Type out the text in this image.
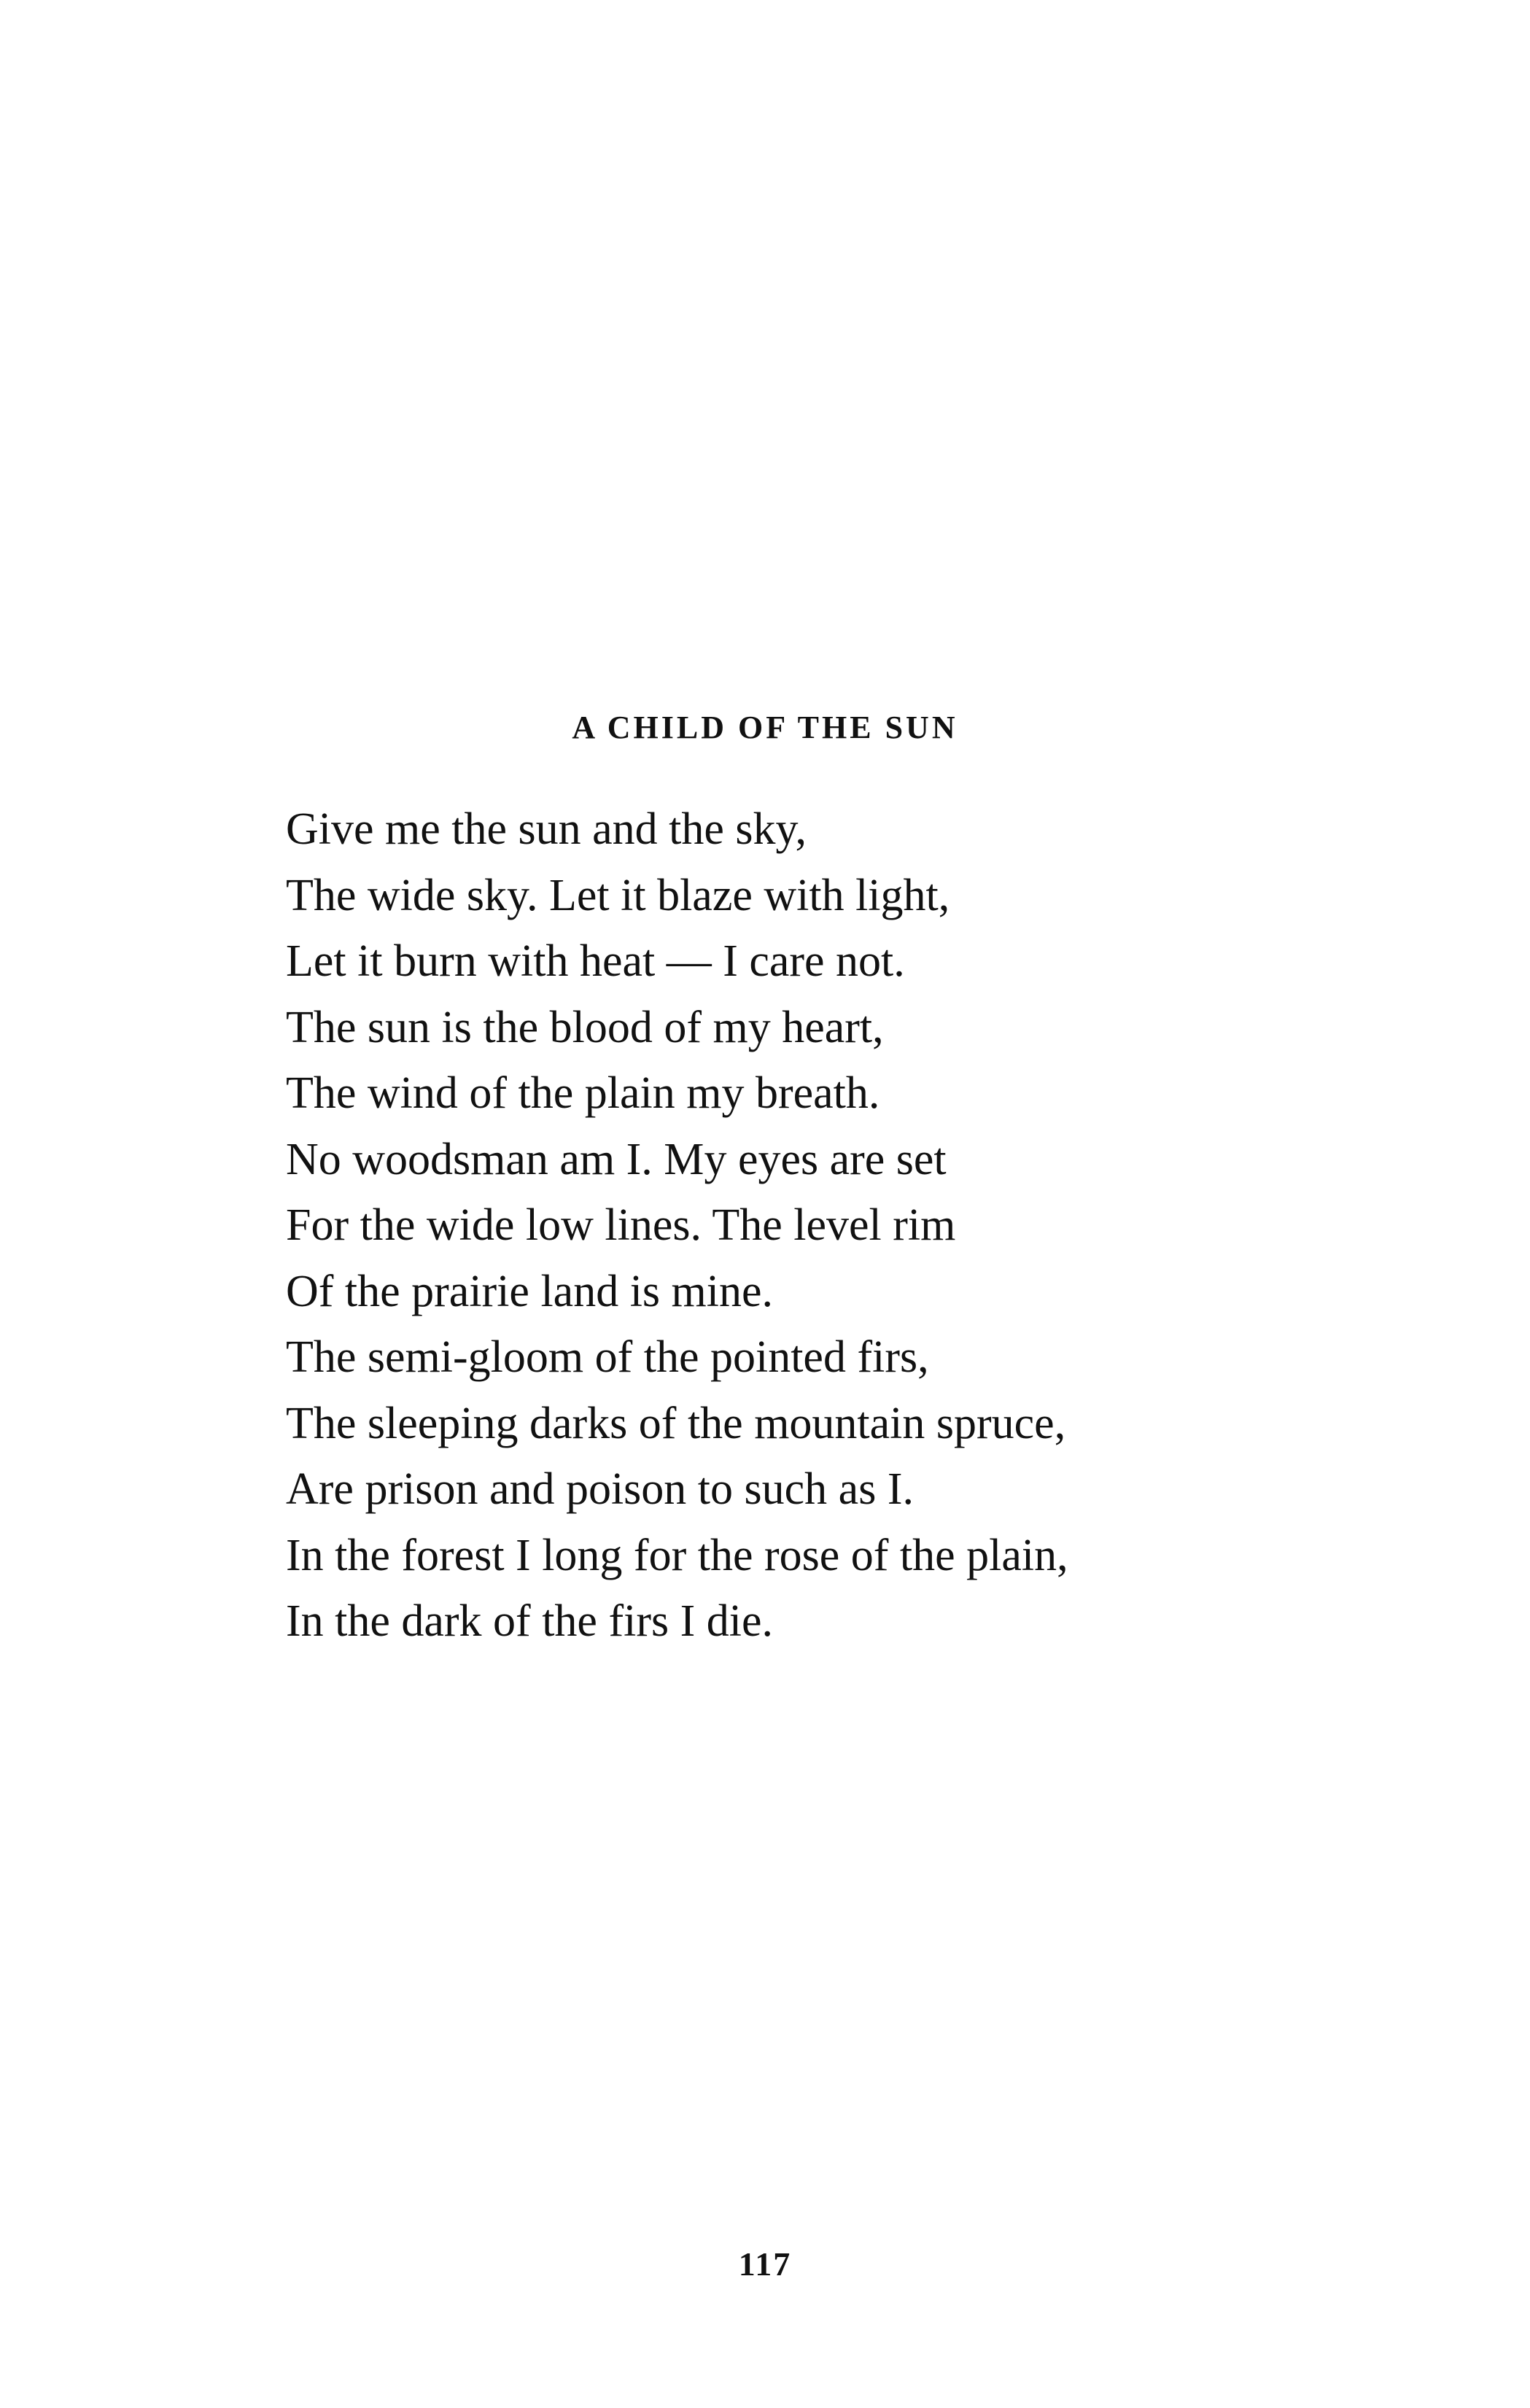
A CHILD OF THE SUN
Give me the sun and the sky,
The wide sky. Let it blaze with light,
Let it burn with heat — I care not.
The sun is the blood of my heart,
The wind of the plain my breath.
No woodsman am I. My eyes are set
For the wide low lines. The level rim
Of the prairie land is mine.
The semi-gloom of the pointed firs,
The sleeping darks of the mountain spruce,
Are prison and poison to such as I.
In the forest I long for the rose of the plain,
In the dark of the firs I die.
117
